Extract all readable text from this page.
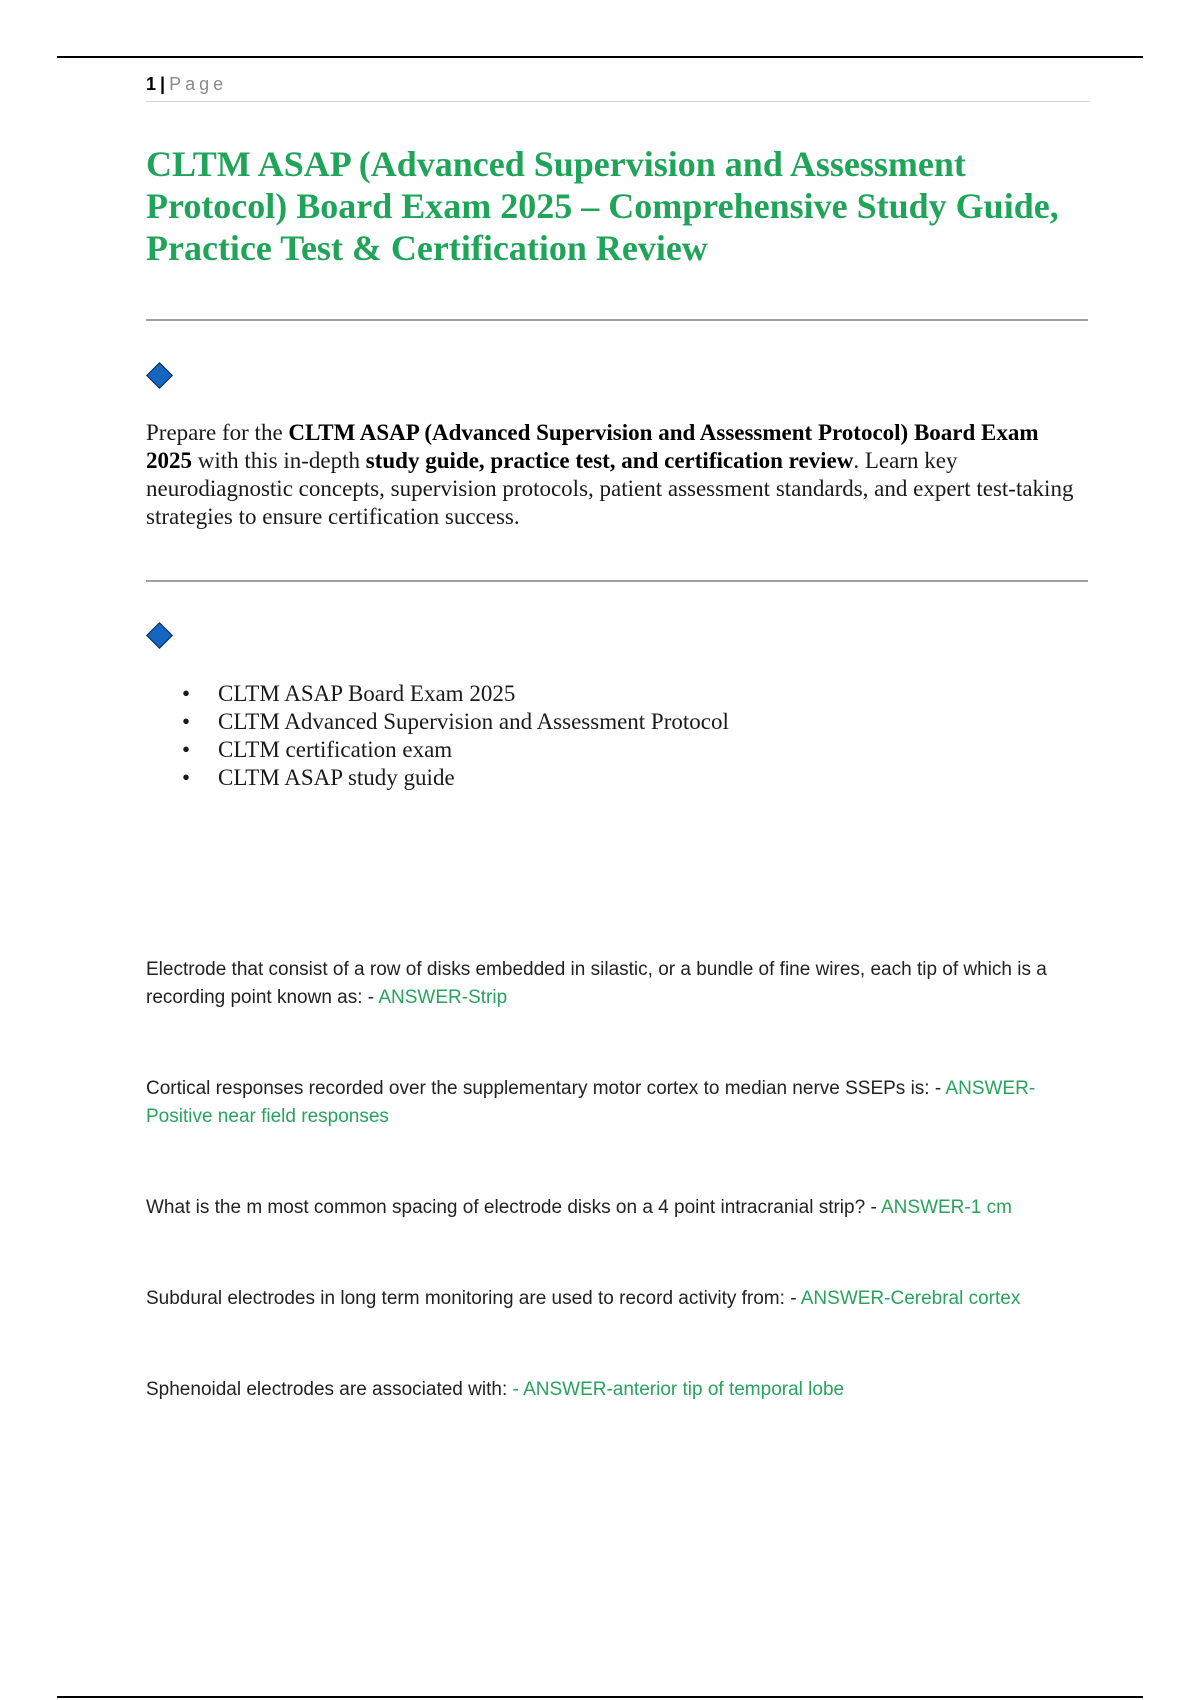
1 | Page
CLTM ASAP (Advanced Supervision and Assessment Protocol) Board Exam 2025 – Comprehensive Study Guide, Practice Test & Certification Review

Prepare for the CLTM ASAP (Advanced Supervision and Assessment Protocol) Board Exam 2025 with this in-depth study guide, practice test, and certification review. Learn key neurodiagnostic concepts, supervision protocols, patient assessment standards, and expert test-taking strategies to ensure certification success.

• CLTM ASAP Board Exam 2025
• CLTM Advanced Supervision and Assessment Protocol
• CLTM certification exam
• CLTM ASAP study guide

Electrode that consist of a row of disks embedded in silastic, or a bundle of fine wires, each tip of which is a recording point known as: - ANSWER-Strip

Cortical responses recorded over the supplementary motor cortex to median nerve SSEPs is: - ANSWER-Positive near field responses

What is the m most common spacing of electrode disks on a 4 point intracranial strip? - ANSWER-1 cm

Subdural electrodes in long term monitoring are used to record activity from: - ANSWER-Cerebral cortex

Sphenoidal electrodes are associated with: - ANSWER-anterior tip of temporal lobe
